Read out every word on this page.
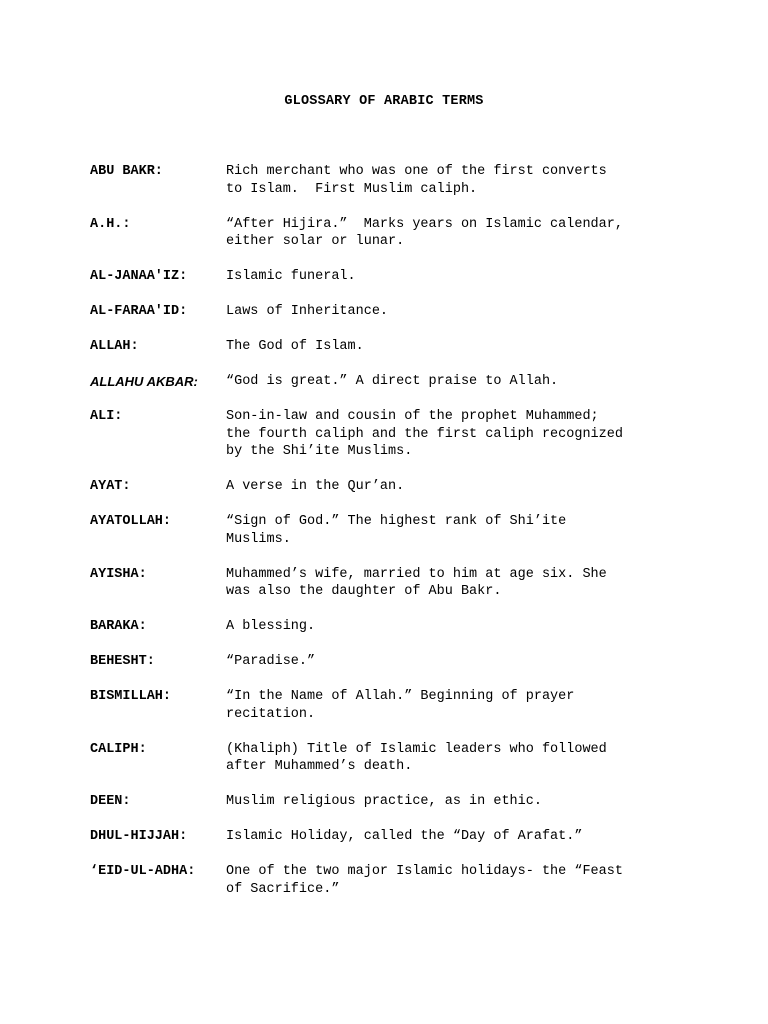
GLOSSARY OF ARABIC TERMS
ABU BAKR:	Rich merchant who was one of the first converts
to Islam.  First Muslim caliph.
A.H.:	“After Hijira.”  Marks years on Islamic calendar,
either solar or lunar.
AL-JANAA'IZ:	Islamic funeral.
AL-FARAA'ID:	Laws of Inheritance.
ALLAH:	The God of Islam.
ALLAHU AKBAR:	“God is great.” A direct praise to Allah.
ALI:	Son-in-law and cousin of the prophet Muhammed;
the fourth caliph and the first caliph recognized
by the Shi’ite Muslims.
AYAT:	A verse in the Qur’an.
AYATOLLAH:	“Sign of God.” The highest rank of Shi’ite
Muslims.
AYISHA:	Muhammed’s wife, married to him at age six. She
was also the daughter of Abu Bakr.
BARAKA:	A blessing.
BEHESHT:	“Paradise.”
BISMILLAH:	“In the Name of Allah.” Beginning of prayer
recitation.
CALIPH:	(Khaliph) Title of Islamic leaders who followed
after Muhammed’s death.
DEEN:	Muslim religious practice, as in ethic.
DHUL-HIJJAH:	Islamic Holiday, called the “Day of Arafat.”
‘EID-UL-ADHA:	One of the two major Islamic holidays- the “Feast
of Sacrifice.”
